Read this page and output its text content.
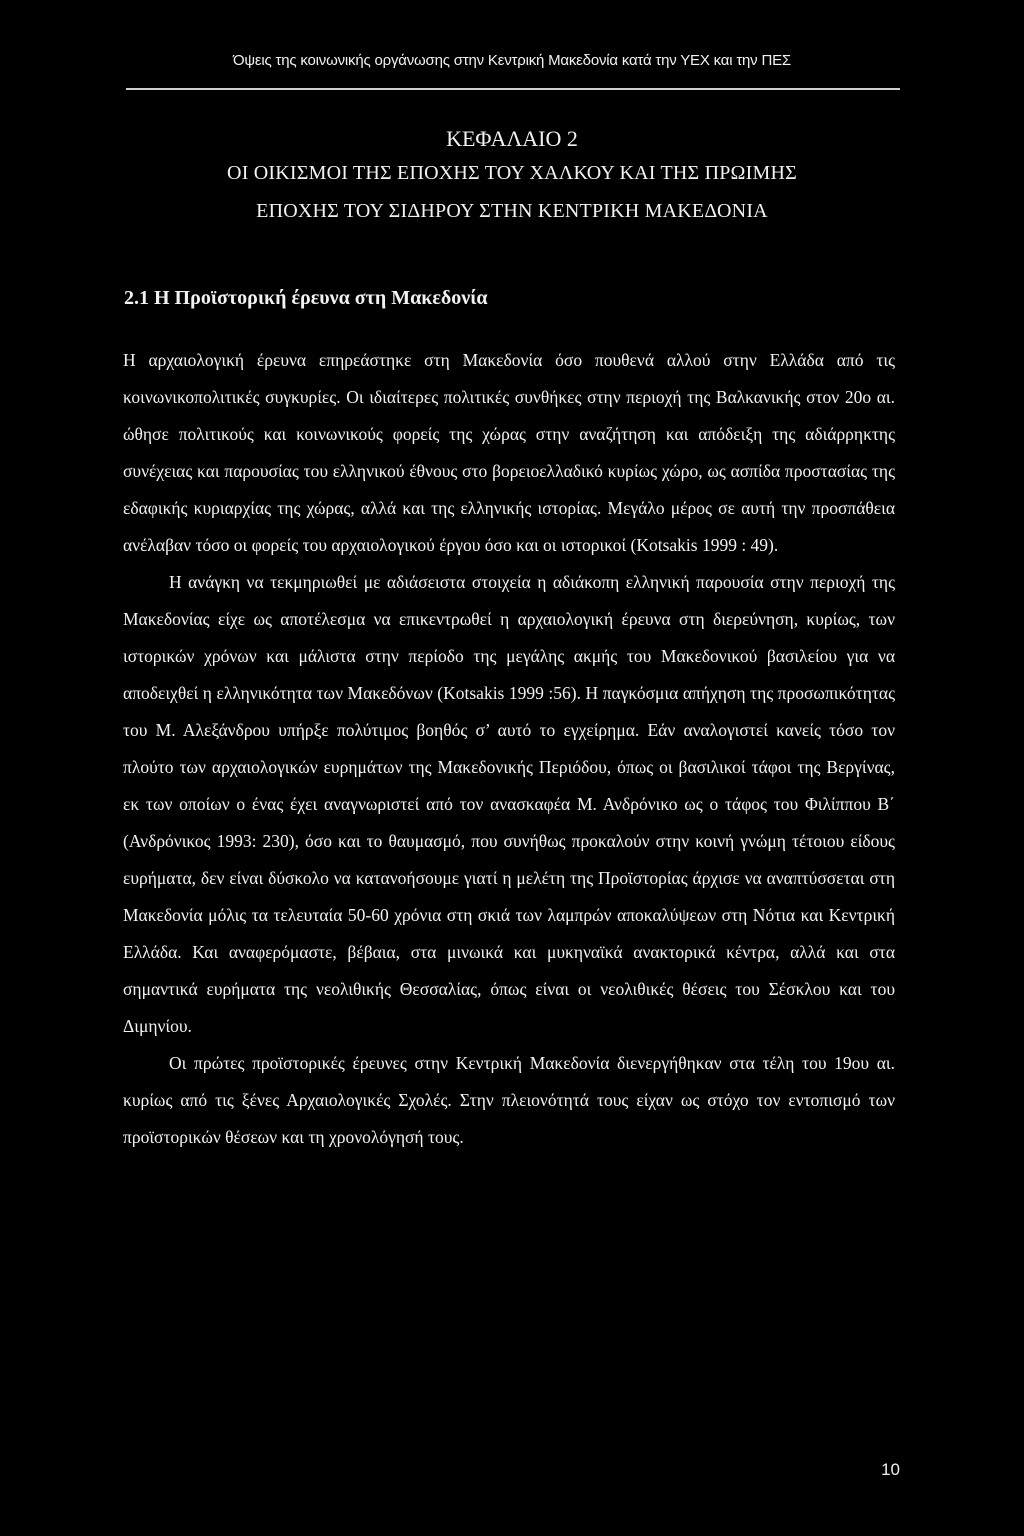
Όψεις της κοινωνικής οργάνωσης στην Κεντρική Μακεδονία κατά την ΥΕΧ και την ΠΕΣ
ΚΕΦΑΛΑΙΟ 2
ΟΙ ΟΙΚΙΣΜΟΙ ΤΗΣ ΕΠΟΧΗΣ ΤΟΥ ΧΑΛΚΟΥ ΚΑΙ ΤΗΣ ΠΡΩΙΜΗΣ
ΕΠΟΧΗΣ ΤΟΥ ΣΙΔΗΡΟΥ ΣΤΗΝ ΚΕΝΤΡΙΚΗ ΜΑΚΕΔΟΝΙΑ
2.1 Η Προϊστορική έρευνα στη Μακεδονία

Η αρχαιολογική έρευνα επηρεάστηκε στη Μακεδονία όσο πουθενά αλλού στην Ελλάδα από τις κοινωνικοπολιτικές συγκυρίες. Οι ιδιαίτερες πολιτικές συνθήκες στην περιοχή της Βαλκανικής στον 20ο αι. ώθησε πολιτικούς και κοινωνικούς φορείς της χώρας στην αναζήτηση και απόδειξη της αδιάρρηκτης συνέχειας και παρουσίας του ελληνικού έθνους στο βορειοελλαδικό κυρίως χώρο, ως ασπίδα προστασίας της εδαφικής κυριαρχίας της χώρας, αλλά και της ελληνικής ιστορίας. Μεγάλο μέρος σε αυτή την προσπάθεια ανέλαβαν τόσο οι φορείς του αρχαιολογικού έργου όσο και οι ιστορικοί (Kotsakis 1999 : 49).

Η ανάγκη να τεκμηριωθεί με αδιάσειστα στοιχεία η αδιάκοπη ελληνική παρουσία στην περιοχή της Μακεδονίας είχε ως αποτέλεσμα να επικεντρωθεί η αρχαιολογική έρευνα στη διερεύνηση, κυρίως, των ιστορικών χρόνων και μάλιστα στην περίοδο της μεγάλης ακμής του Μακεδονικού βασιλείου για να αποδειχθεί η ελληνικότητα των Μακεδόνων (Kotsakis 1999 :56). Η παγκόσμια απήχηση της προσωπικότητας του Μ. Αλεξάνδρου υπήρξε πολύτιμος βοηθός σ’ αυτό το εγχείρημα. Εάν αναλογιστεί κανείς τόσο τον πλούτο των αρχαιολογικών ευρημάτων της Μακεδονικής Περιόδου, όπως οι βασιλικοί τάφοι της Βεργίνας, εκ των οποίων ο ένας έχει αναγνωριστεί από τον ανασκαφέα Μ. Ανδρόνικο ως ο τάφος του Φιλίππου Β΄ (Ανδρόνικος 1993: 230), όσο και το θαυμασμό, που συνήθως προκαλούν στην κοινή γνώμη τέτοιου είδους ευρήματα, δεν είναι δύσκολο να κατανοήσουμε γιατί η μελέτη της Προϊστορίας άρχισε να αναπτύσσεται στη Μακεδονία μόλις τα τελευταία 50-60 χρόνια στη σκιά των λαμπρών αποκαλύψεων στη Νότια και Κεντρική Ελλάδα. Και αναφερόμαστε, βέβαια, στα μινωικά και μυκηναϊκά ανακτορικά κέντρα, αλλά και στα σημαντικά ευρήματα της νεολιθικής Θεσσαλίας, όπως είναι οι νεολιθικές θέσεις του Σέσκλου και του Διμηνίου.

Οι πρώτες προϊστορικές έρευνες στην Κεντρική Μακεδονία διενεργήθηκαν στα τέλη του 19ου αι. κυρίως από τις ξένες Αρχαιολογικές Σχολές. Στην πλειονότητά τους είχαν ως στόχο τον εντοπισμό των προϊστορικών θέσεων και τη χρονολόγησή τους.

10
